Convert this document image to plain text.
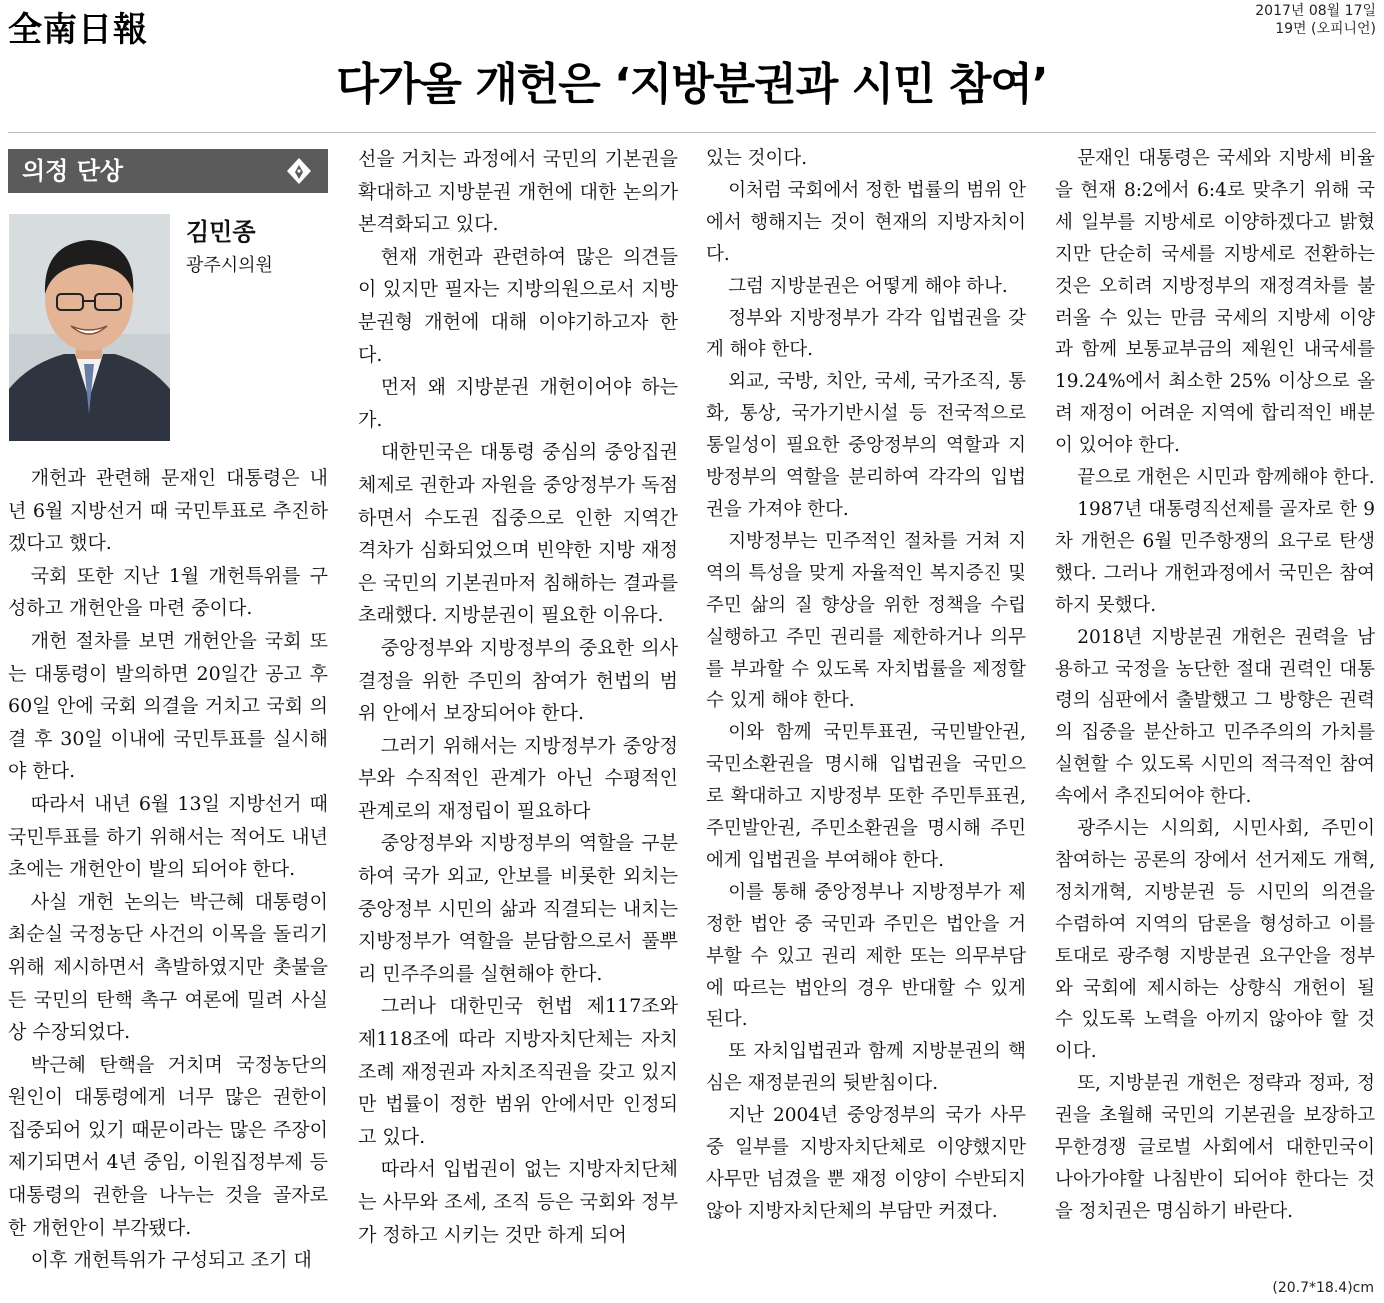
全南日報	2017년 08월 17일
19면 (오피니언)
다가올 개헌은 ‘지방분권과 시민 참여’
의정 단상
김민종
광주시의원

개헌과 관련해 문재인 대통령은 내년 6월 지방선거 때 국민투표로 추진하겠다고 했다.

국회 또한 지난 1월 개헌특위를 구성하고 개헌안을 마련 중이다.

개헌 절차를 보면 개헌안을 국회 또는 대통령이 발의하면 20일간 공고 후 60일 안에 국회 의결을 거치고 국회 의결 후 30일 이내에 국민투표를 실시해야 한다.

따라서 내년 6월 13일 지방선거 때 국민투표를 하기 위해서는 적어도 내년 초에는 개헌안이 발의 되어야 한다.

사실 개헌 논의는 박근혜 대통령이 최순실 국정농단 사건의 이목을 돌리기 위해 제시하면서 촉발하였지만 촛불을 든 국민의 탄핵 촉구 여론에 밀려 사실상 수장되었다.

박근혜 탄핵을 거치며 국정농단의 원인이 대통령에게 너무 많은 권한이 집중되어 있기 때문이라는 많은 주장이 제기되면서 4년 중임, 이원집정부제 등 대통령의 권한을 나누는 것을 골자로 한 개헌안이 부각됐다.

이후 개헌특위가 구성되고 조기 대

선을 거치는 과정에서 국민의 기본권을 확대하고 지방분권 개헌에 대한 논의가 본격화되고 있다.

현재 개헌과 관련하여 많은 의견들이 있지만 필자는 지방의원으로서 지방분권형 개헌에 대해 이야기하고자 한다.

먼저 왜 지방분권 개헌이어야 하는가.

대한민국은 대통령 중심의 중앙집권체제로 권한과 자원을 중앙정부가 독점하면서 수도권 집중으로 인한 지역간 격차가 심화되었으며 빈약한 지방 재정은 국민의 기본권마저 침해하는 결과를 초래했다. 지방분권이 필요한 이유다.

중앙정부와 지방정부의 중요한 의사결정을 위한 주민의 참여가 헌법의 범위 안에서 보장되어야 한다.

그러기 위해서는 지방정부가 중앙정부와 수직적인 관계가 아닌 수평적인 관계로의 재정립이 필요하다

중앙정부와 지방정부의 역할을 구분하여 국가 외교, 안보를 비롯한 외치는 중앙정부 시민의 삶과 직결되는 내치는 지방정부가 역할을 분담함으로서 풀뿌리 민주주의를 실현해야 한다.

그러나 대한민국 헌법 제117조와 제118조에 따라 지방자치단체는 자치조례 재정권과 자치조직권을 갖고 있지만 법률이 정한 범위 안에서만 인정되고 있다.

따라서 입법권이 없는 지방자치단체는 사무와 조세, 조직 등은 국회와 정부가 정하고 시키는 것만 하게 되어

있는 것이다.

이처럼 국회에서 정한 법률의 범위 안에서 행해지는 것이 현재의 지방자치이다.

그럼 지방분권은 어떻게 해야 하나.

정부와 지방정부가 각각 입법권을 갖게 해야 한다.

외교, 국방, 치안, 국세, 국가조직, 통화, 통상, 국가기반시설 등 전국적으로 통일성이 필요한 중앙정부의 역할과 지방정부의 역할을 분리하여 각각의 입법권을 가져야 한다.

지방정부는 민주적인 절차를 거쳐 지역의 특성을 맞게 자율적인 복지증진 및 주민 삶의 질 향상을 위한 정책을 수립 실행하고 주민 권리를 제한하거나 의무를 부과할 수 있도록 자치법률을 제정할 수 있게 해야 한다.

이와 함께 국민투표권, 국민발안권, 국민소환권을 명시해 입법권을 국민으로 확대하고 지방정부 또한 주민투표권, 주민발안권, 주민소환권을 명시해 주민에게 입법권을 부여해야 한다.

이를 통해 중앙정부나 지방정부가 제정한 법안 중 국민과 주민은 법안을 거부할 수 있고 권리 제한 또는 의무부담에 따르는 법안의 경우 반대할 수 있게 된다.

또 자치입법권과 함께 지방분권의 핵심은 재정분권의 뒷받침이다.

지난 2004년 중앙정부의 국가 사무중 일부를 지방자치단체로 이양했지만 사무만 넘겼을 뿐 재정 이양이 수반되지 않아 지방자치단체의 부담만 커졌다.

문재인 대통령은 국세와 지방세 비율을 현재 8:2에서 6:4로 맞추기 위해 국세 일부를 지방세로 이양하겠다고 밝혔지만 단순히 국세를 지방세로 전환하는 것은 오히려 지방정부의 재정격차를 불러올 수 있는 만큼 국세의 지방세 이양과 함께 보통교부금의 제원인 내국세를 19.24%에서 최소한 25% 이상으로 올려 재정이 어려운 지역에 합리적인 배분이 있어야 한다.

끝으로 개헌은 시민과 함께해야 한다.

1987년 대통령직선제를 골자로 한 9차 개헌은 6월 민주항쟁의 요구로 탄생했다. 그러나 개헌과정에서 국민은 참여하지 못했다.

2018년 지방분권 개헌은 권력을 남용하고 국정을 농단한 절대 권력인 대통령의 심판에서 출발했고 그 방향은 권력의 집중을 분산하고 민주주의의 가치를 실현할 수 있도록 시민의 적극적인 참여 속에서 추진되어야 한다.

광주시는 시의회, 시민사회, 주민이 참여하는 공론의 장에서 선거제도 개혁, 정치개혁, 지방분권 등 시민의 의견을 수렴하여 지역의 담론을 형성하고 이를 토대로 광주형 지방분권 요구안을 정부와 국회에 제시하는 상향식 개헌이 될 수 있도록 노력을 아끼지 않아야 할 것이다.

또, 지방분권 개헌은 정략과 정파, 정권을 초월해 국민의 기본권을 보장하고 무한경쟁 글로벌 사회에서 대한민국이 나아가야할 나침반이 되어야 한다는 것을 정치권은 명심하기 바란다.

(20.7*18.4)cm
